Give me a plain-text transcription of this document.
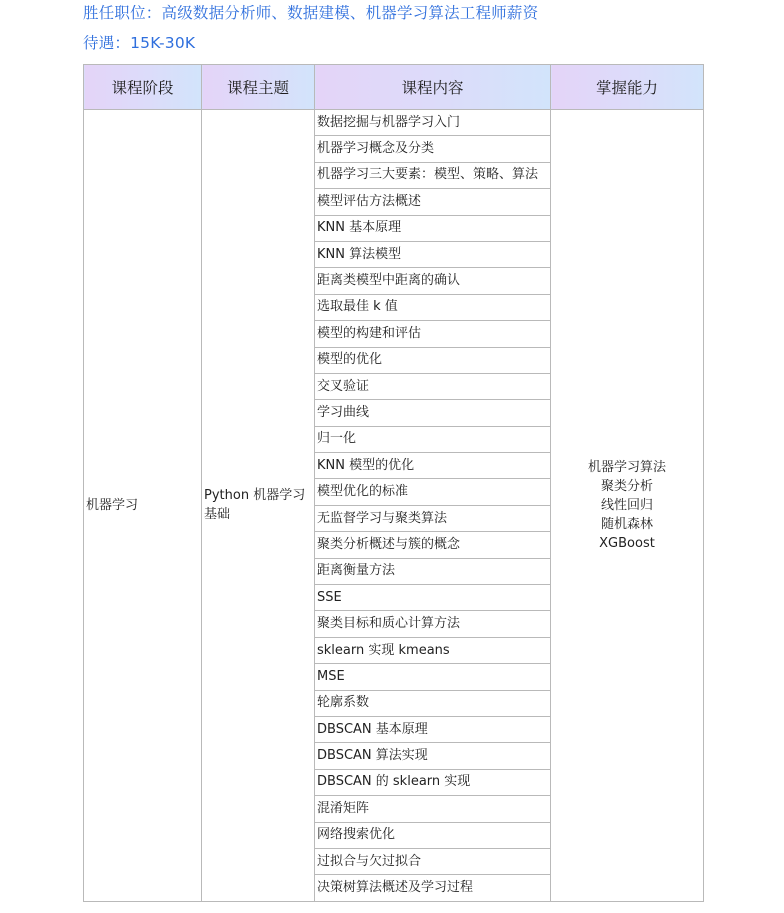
胜任职位：高级数据分析师、数据建模、机器学习算法工程师薪资
待遇：15K-30K
课程阶段	课程主题	课程内容	掌握能力
机器学习	Python 机器学习基础	数据挖掘与机器学习入门	机器学习算法
聚类分析
线性回归
随机森林
XGBoost

		机器学习概念及分类	
		机器学习三大要素：模型、策略、算法	
		模型评估方法概述	
		KNN 基本原理	
		KNN 算法模型	
		距离类模型中距离的确认	
		选取最佳 k 值	
		模型的构建和评估	
		模型的优化	
		交叉验证	
		学习曲线	
		归一化	
		KNN 模型的优化	
		模型优化的标准	
		无监督学习与聚类算法	
		聚类分析概述与簇的概念	
		距离衡量方法	
		SSE	
		聚类目标和质心计算方法	
		sklearn 实现 kmeans	
		MSE	
		轮廓系数	
		DBSCAN 基本原理	
		DBSCAN 算法实现	
		DBSCAN 的 sklearn 实现	
		混淆矩阵	
		网络搜索优化	
		过拟合与欠过拟合	
		决策树算法概述及学习过程	
